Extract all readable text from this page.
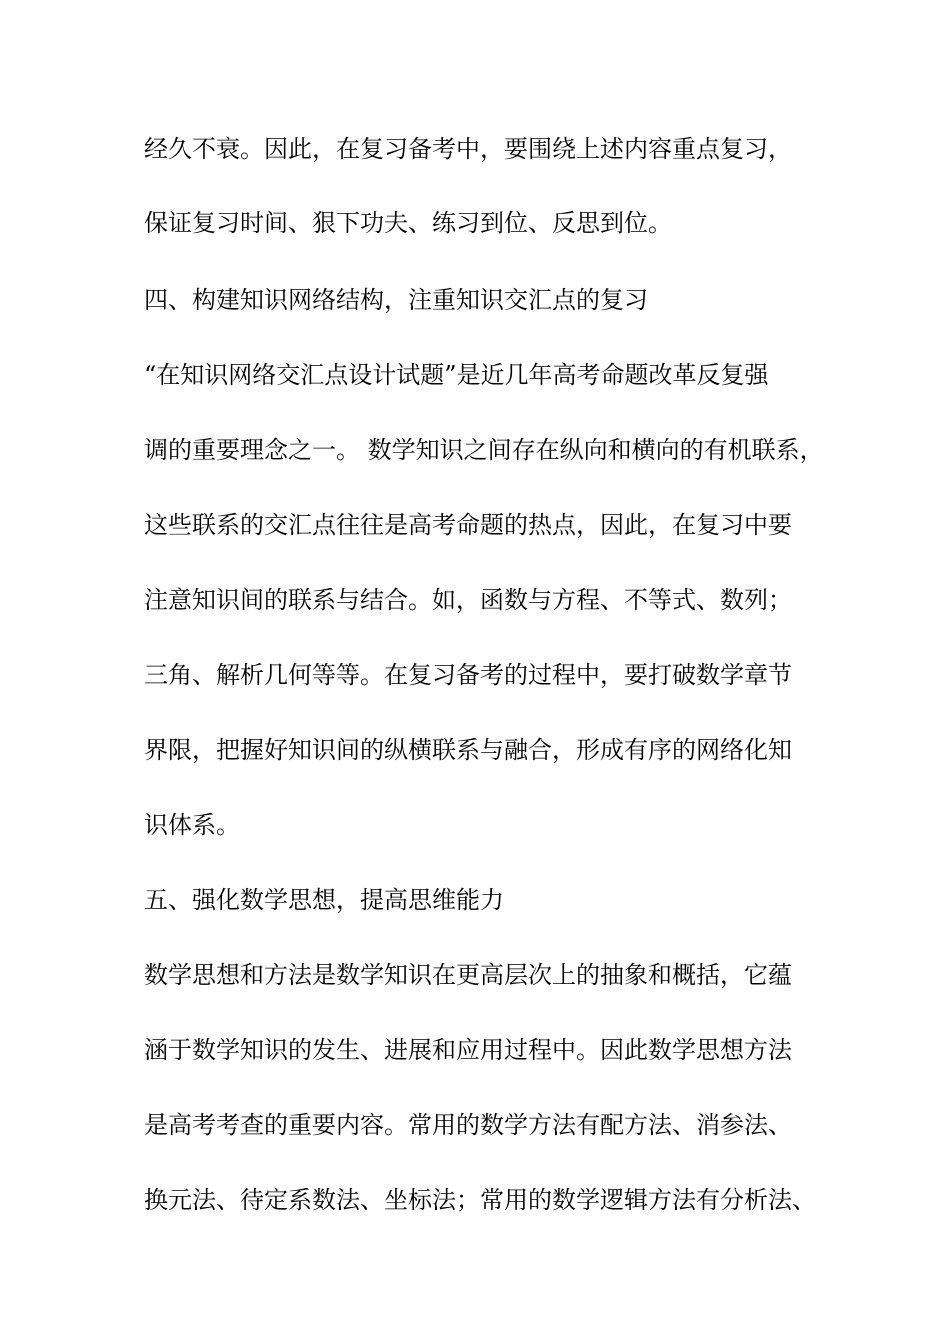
经久不衰。因此，在复习备考中，要围绕上述内容重点复习，
保证复习时间、狠下功夫、练习到位、反思到位。
四、构建知识网络结构，注重知识交汇点的复习
“在知识网络交汇点设计试题”是近几年高考命题改革反复强
调的重要理念之一。 数学知识之间存在纵向和横向的有机联系，
这些联系的交汇点往往是高考命题的热点，因此，在复习中要
注意知识间的联系与结合。如，函数与方程、不等式、数列；
三角、解析几何等等。在复习备考的过程中，要打破数学章节
界限，把握好知识间的纵横联系与融合，形成有序的网络化知
识体系。
五、强化数学思想，提高思维能力
数学思想和方法是数学知识在更高层次上的抽象和概括，它蕴
涵于数学知识的发生、进展和应用过程中。因此数学思想方法
是高考考查的重要内容。常用的数学方法有配方法、消参法、
换元法、待定系数法、坐标法；常用的数学逻辑方法有分析法、
